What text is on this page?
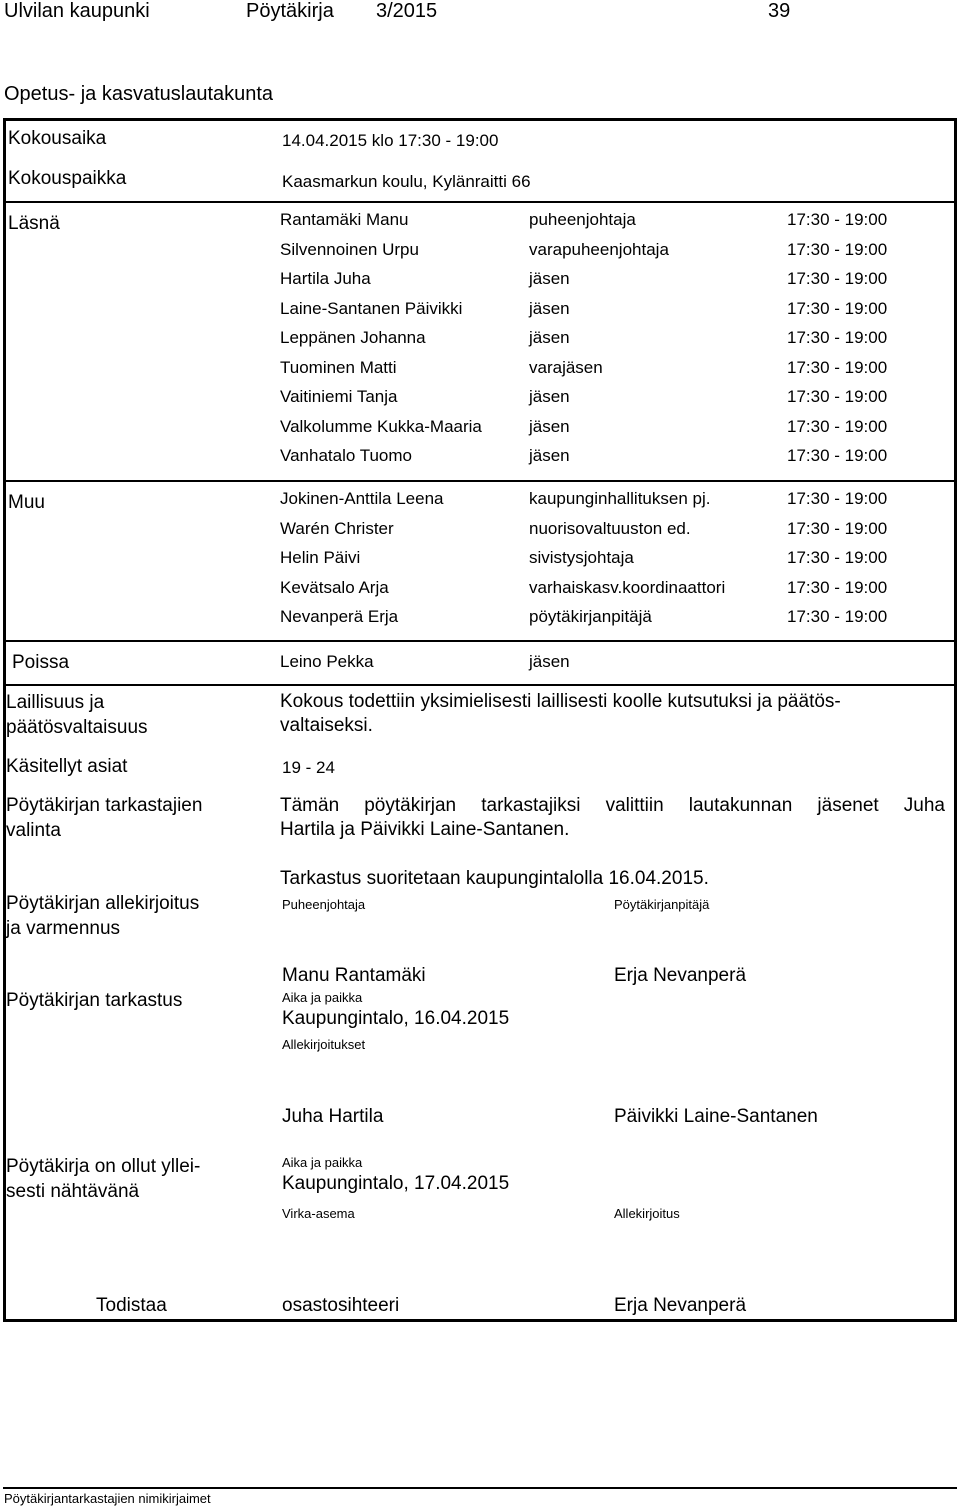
Ulvilan kaupunki	Pöytäkirja 3/2015	39
Opetus- ja kasvatuslautakunta
Kokousaika	14.04.2015 klo 17:30 - 19:00
Kokouspaikka	Kaasmarkun koulu, Kylänraitti 66
Läsnä	Rantamäki Manu	puheenjohtaja	17:30 - 19:00
Silvennoinen Urpu	varapuheenjohtaja	17:30 - 19:00
Hartila Juha	jäsen	17:30 - 19:00
Laine-Santanen Päivikki	jäsen	17:30 - 19:00
Leppänen Johanna	jäsen	17:30 - 19:00
Tuominen Matti	varajäsen	17:30 - 19:00
Vaitiniemi Tanja	jäsen	17:30 - 19:00
Valkolumme Kukka-Maaria	jäsen	17:30 - 19:00
Vanhatalo Tuomo	jäsen	17:30 - 19:00
Muu	Jokinen-Anttila Leena	kaupunginhallituksen pj.	17:30 - 19:00
Warén Christer	nuorisovaltuuston ed.	17:30 - 19:00
Helin Päivi	sivistysjohtaja	17:30 - 19:00
Kevätsalo Arja	varhaiskasv.koordinaattori	17:30 - 19:00
Nevanperä Erja	pöytäkirjanpitäjä	17:30 - 19:00
Poissa	Leino Pekka	jäsen
Laillisuus ja
päätösvaltaisuus
Kokous todettiin yksimielisesti laillisesti koolle kutsutuksi ja päätös-
valtaiseksi.
Käsitellyt asiat	19 - 24
Pöytäkirjan tarkastajien
valinta
Tämän pöytäkirjan tarkastajiksi valittiin lautakunnan jäsenet Juha
Hartila ja Päivikki Laine-Santanen.
Tarkastus suoritetaan kaupungintalolla 16.04.2015.
Pöytäkirjan allekirjoitus
ja varmennus
Puheenjohtaja	Pöytäkirjanpitäjä
Manu Rantamäki	Erja Nevanperä
Aika ja paikka
Kaupungintalo, 16.04.2015
Pöytäkirjan tarkastus
Allekirjoitukset
Juha Hartila	Päivikki Laine-Santanen
Pöytäkirja on ollut yllei-
sesti nähtävänä
Aika ja paikka
Kaupungintalo, 17.04.2015
Virka-asema	Allekirjoitus
Todistaa	osastosihteeri	Erja Nevanperä
Pöytäkirjantarkastajien nimikirjaimet
